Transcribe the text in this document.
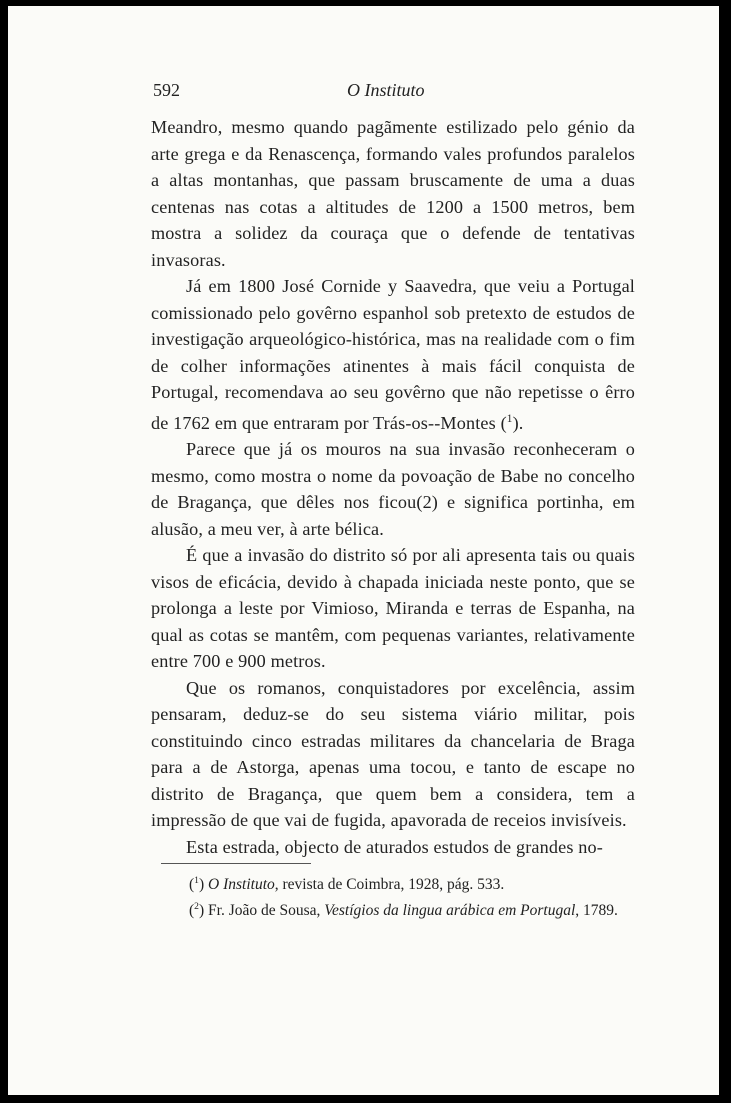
592	O Instituto

Meandro, mesmo quando pagãmente estilizado pelo génio da arte grega e da Renascença, formando vales profundos paralelos a altas montanhas, que passam bruscamente de uma a duas centenas nas cotas a altitudes de 1200 a 1500 metros, bem mostra a solidez da couraça que o defende de tentativas invasoras.

Já em 1800 José Cornide y Saavedra, que veiu a Portugal comissionado pelo govêrno espanhol sob pretexto de estudos de investigação arqueológico-histórica, mas na realidade com o fim de colher informações atinentes à mais fácil conquista de Portugal, recomendava ao seu govêrno que não repetisse o êrro de 1762 em que entraram por Trás-os--Montes ($^1$).

Parece que já os mouros na sua invasão reconheceram o mesmo, como mostra o nome da povoação de Babe no concelho de Bragança, que dêles nos ficou(2) e significa portinha, em alusão, a meu ver, à arte bélica.

É que a invasão do distrito só por ali apresenta tais ou quais visos de eficácia, devido à chapada iniciada neste ponto, que se prolonga a leste por Vimioso, Miranda e terras de Espanha, na qual as cotas se mantêm, com pequenas variantes, relativamente entre 700 e 900 metros.

Que os romanos, conquistadores por excelência, assim pensaram, deduz-se do seu sistema viário militar, pois constituindo cinco estradas militares da chancelaria de Braga para a de Astorga, apenas uma tocou, e tanto de escape no distrito de Bragança, que quem bem a considera, tem a impressão de que vai de fugida, apavorada de receios invisíveis.

Esta estrada, objecto de aturados estudos de grandes no-

($^1$) O Instituto, revista de Coimbra, 1928, pág. 533.
($^2$) Fr. João de Sousa, Vestígios da lingua arábica em Portugal, 1789.
